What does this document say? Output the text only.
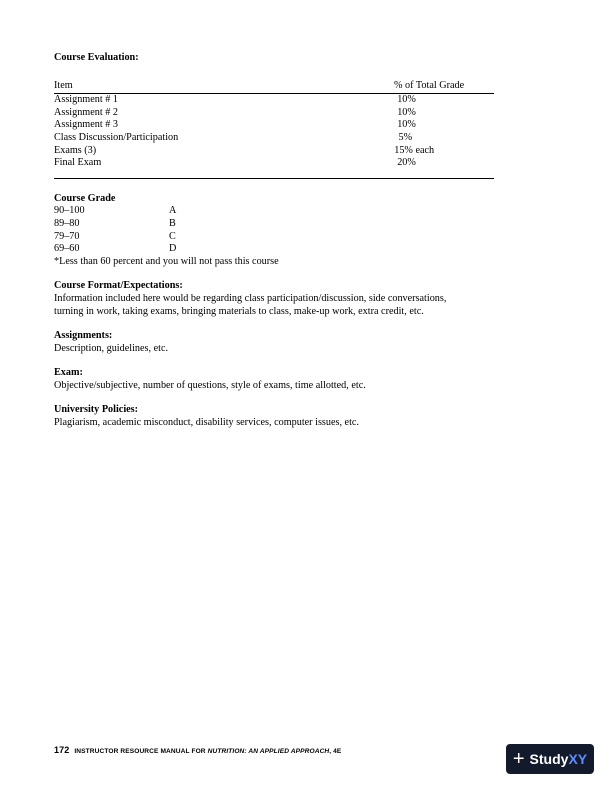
Course Evaluation:

Item	% of Total Grade
Assignment # 1	10%
Assignment # 2	10%
Assignment # 3	10%
Class Discussion/Participation	5%
Exams (3)	15% each
Final Exam	20%

Course Grade

90–100	A
89–80	B
79–70	C
69–60	D
*Less than 60 percent and you will not pass this course

Course Format/Expectations:

Information included here would be regarding class participation/discussion, side conversations,
turning in work, taking exams, bringing materials to class, make-up work, extra credit, etc.

Assignments:

Description, guidelines, etc.

Exam:

Objective/subjective, number of questions, style of exams, time allotted, etc.

University Policies:

Plagiarism, academic misconduct, disability services, computer issues, etc.
172 INSTRUCTOR RESOURCE MANUAL FOR NUTRITION: AN APPLIED APPROACH, 4E	+ Study XY
